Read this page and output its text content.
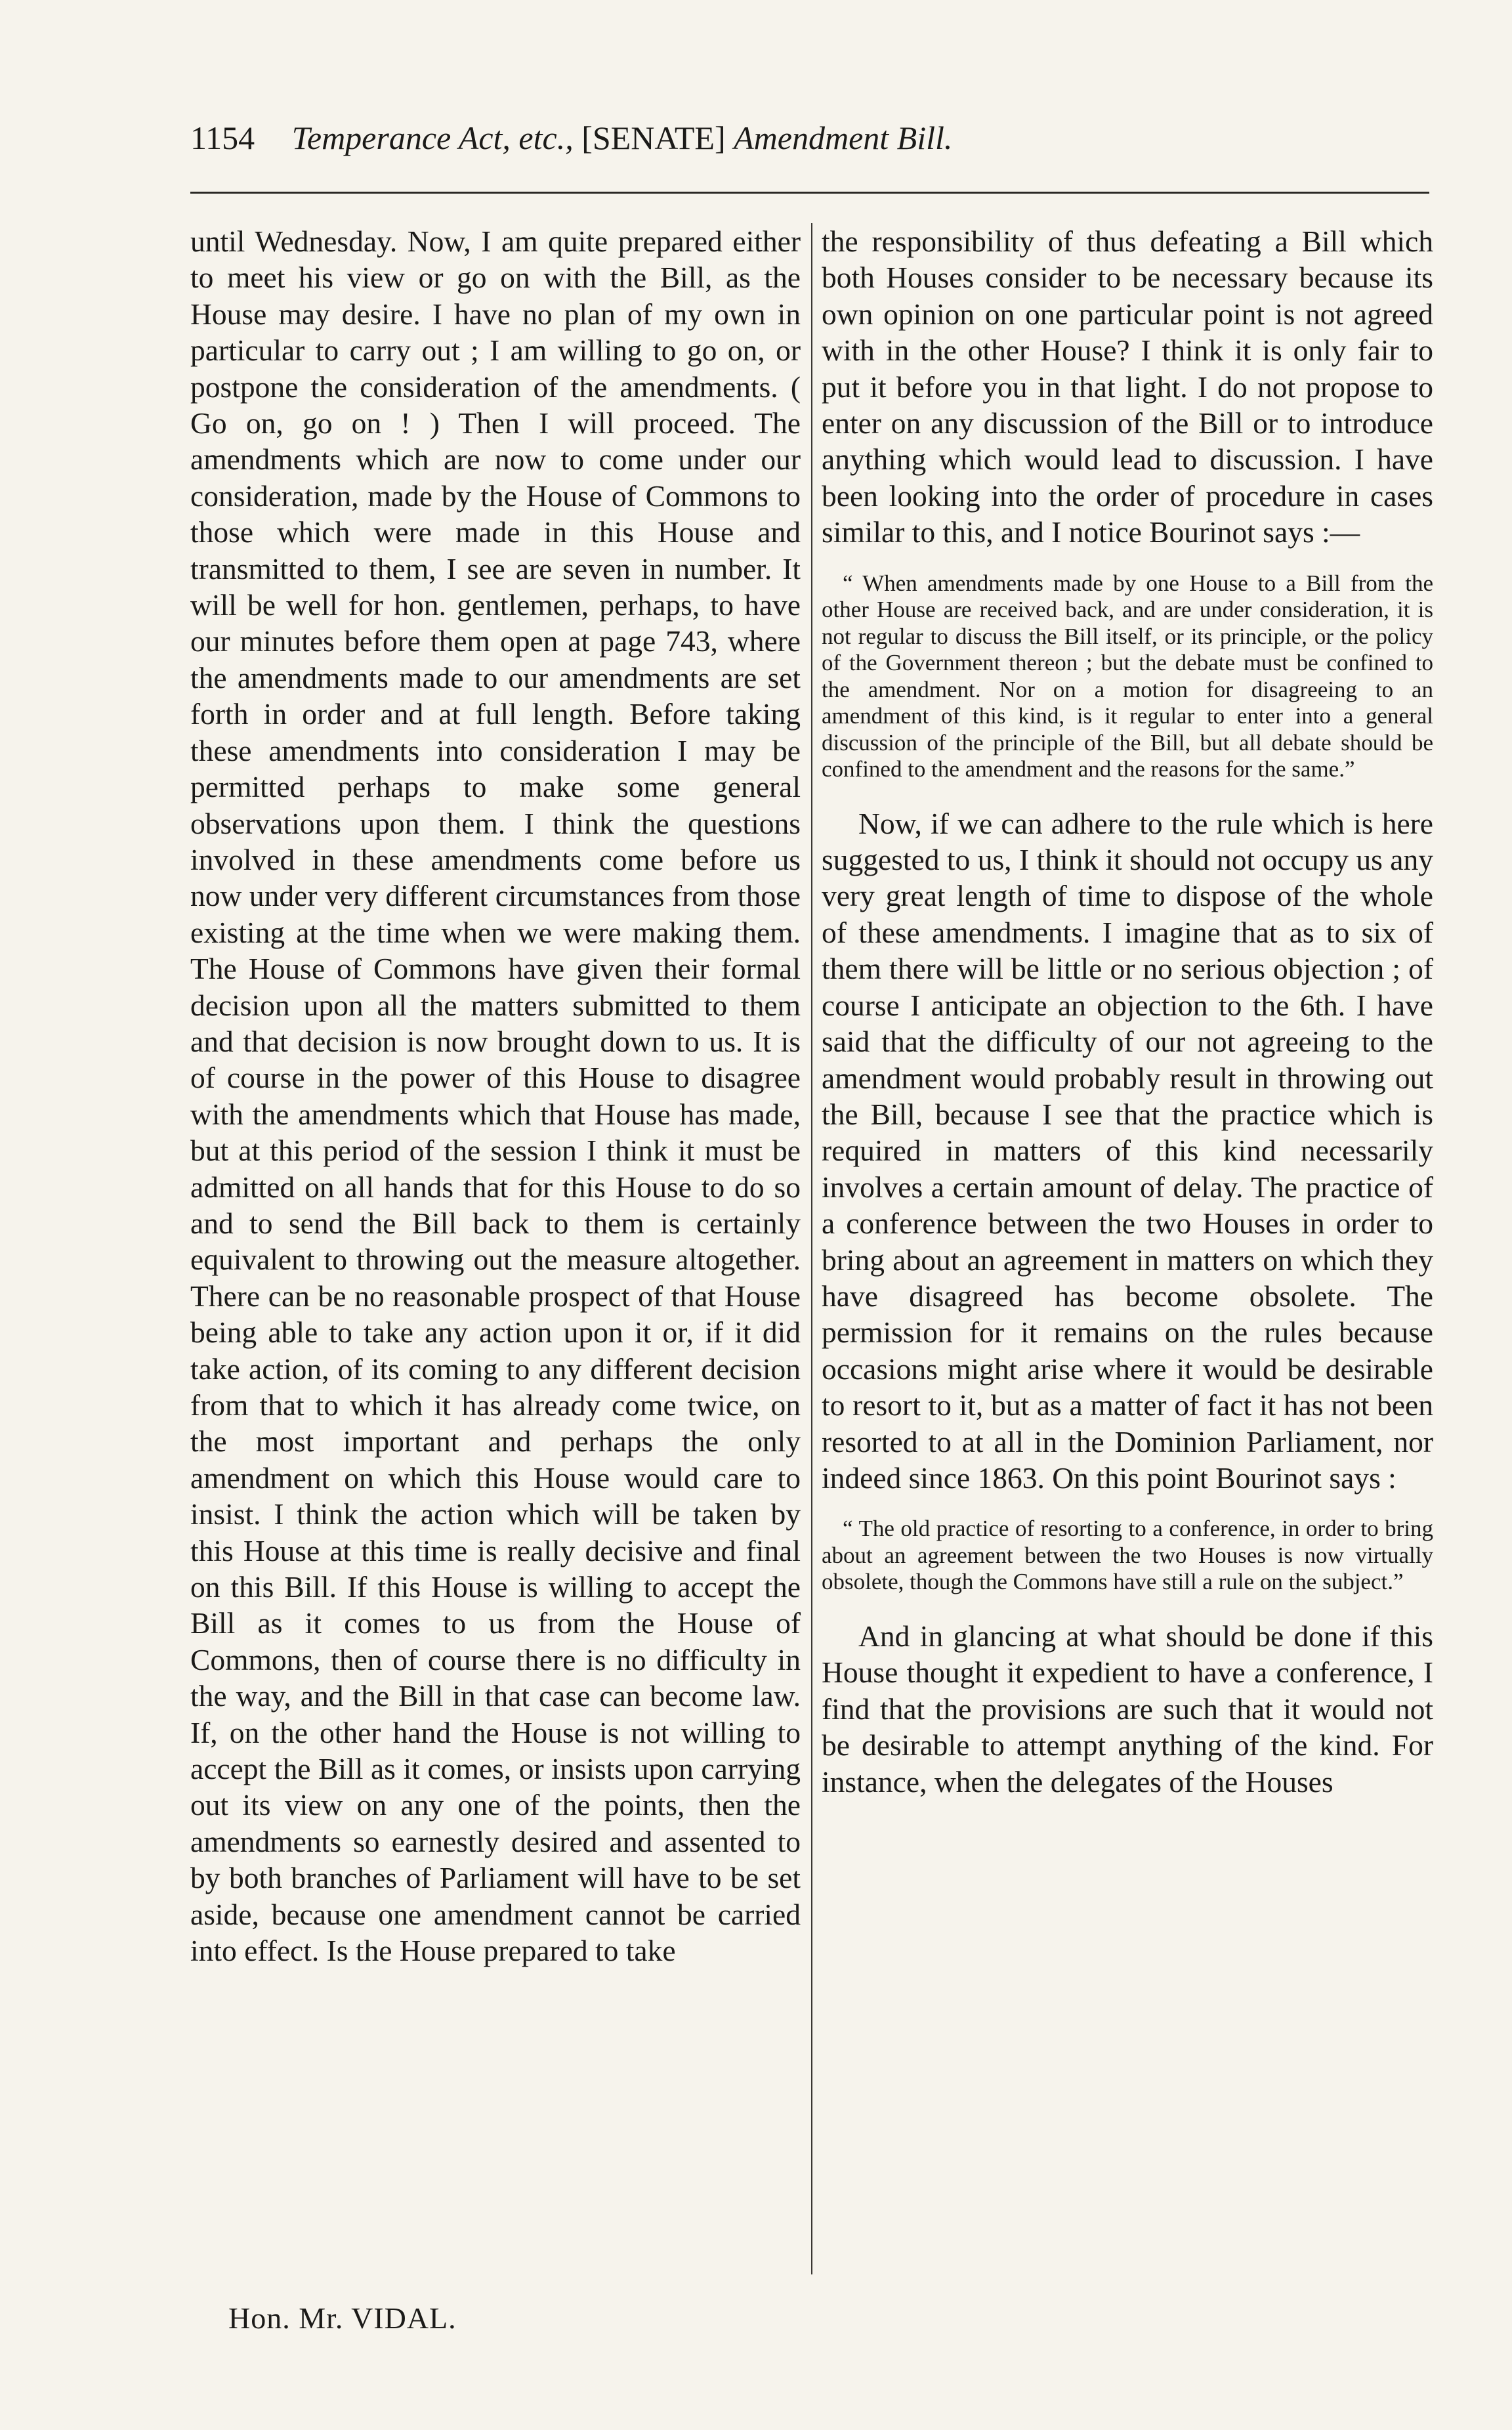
1154 Temperance Act, etc., [SENATE] Amendment Bill.

until Wednesday. Now, I am quite prepared either to meet his view or go on with the Bill, as the House may desire. I have no plan of my own in particular to carry out ; I am willing to go on, or postpone the consideration of the amendments. ( Go on, go on ! ) Then I will proceed. The amendments which are now to come under our consideration, made by the House of Commons to those which were made in this House and transmitted to them, I see are seven in number. It will be well for hon. gentlemen, perhaps, to have our minutes before them open at page 743, where the amendments made to our amendments are set forth in order and at full length. Before taking these amendments into consideration I may be permitted perhaps to make some general observations upon them. I think the questions involved in these amendments come before us now under very different circumstances from those existing at the time when we were making them. The House of Commons have given their formal decision upon all the matters submitted to them and that decision is now brought down to us. It is of course in the power of this House to disagree with the amendments which that House has made, but at this period of the session I think it must be admitted on all hands that for this House to do so and to send the Bill back to them is certainly equivalent to throwing out the measure altogether. There can be no reasonable prospect of that House being able to take any action upon it or, if it did take action, of its coming to any different decision from that to which it has already come twice, on the most important and perhaps the only amendment on which this House would care to insist. I think the action which will be taken by this House at this time is really decisive and final on this Bill. If this House is willing to accept the Bill as it comes to us from the House of Commons, then of course there is no difficulty in the way, and the Bill in that case can become law. If, on the other hand the House is not willing to accept the Bill as it comes, or insists upon carrying out its view on any one of the points, then the amendments so earnestly desired and assented to by both branches of Parliament will have to be set aside, because one amendment cannot be carried into effect. Is the House prepared to take

the responsibility of thus defeating a Bill which both Houses consider to be necessary because its own opinion on one particular point is not agreed with in the other House? I think it is only fair to put it before you in that light. I do not propose to enter on any discussion of the Bill or to introduce anything which would lead to discussion. I have been looking into the order of procedure in cases similar to this, and I notice Bourinot says :—

“ When amendments made by one House to a Bill from the other House are received back, and are under consideration, it is not regular to discuss the Bill itself, or its principle, or the policy of the Government thereon ; but the debate must be confined to the amendment. Nor on a motion for disagreeing to an amendment of this kind, is it regular to enter into a general discussion of the principle of the Bill, but all debate should be confined to the amendment and the reasons for the same.”

Now, if we can adhere to the rule which is here suggested to us, I think it should not occupy us any very great length of time to dispose of the whole of these amendments. I imagine that as to six of them there will be little or no serious objection ; of course I anticipate an objection to the 6th. I have said that the difficulty of our not agreeing to the amendment would probably result in throwing out the Bill, because I see that the practice which is required in matters of this kind necessarily involves a certain amount of delay. The practice of a conference between the two Houses in order to bring about an agreement in matters on which they have disagreed has become obsolete. The permission for it remains on the rules because occasions might arise where it would be desirable to resort to it, but as a matter of fact it has not been resorted to at all in the Dominion Parliament, nor indeed since 1863. On this point Bourinot says :

“ The old practice of resorting to a conference, in order to bring about an agreement between the two Houses is now virtually obsolete, though the Commons have still a rule on the subject.”

And in glancing at what should be done if this House thought it expedient to have a conference, I find that the provisions are such that it would not be desirable to attempt anything of the kind. For instance, when the delegates of the Houses

Hon. Mr. VIDAL.
